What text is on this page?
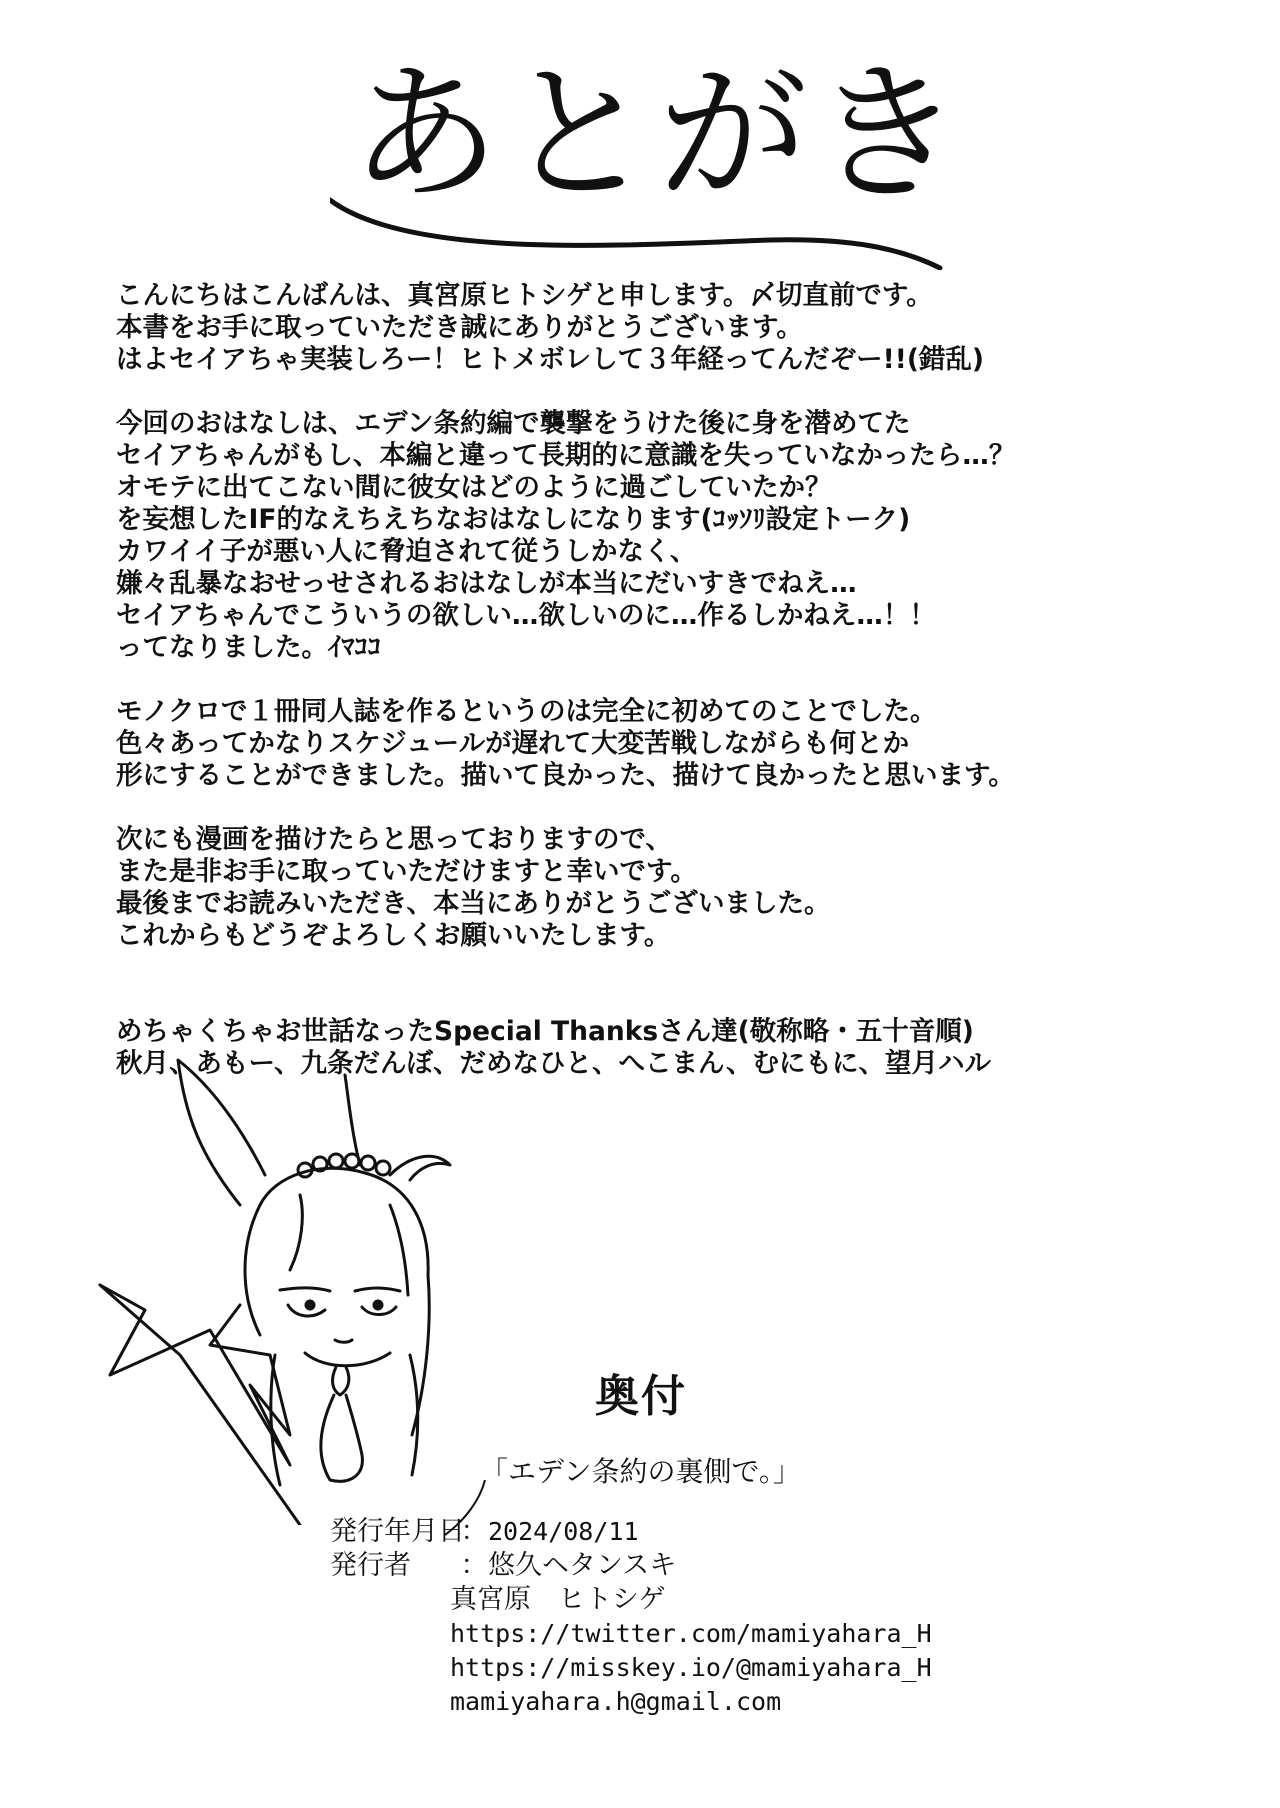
あとがき
こんにちはこんばんは、真宮原ヒトシゲと申します。〆切直前です。
本書をお手に取っていただき誠にありがとうございます。
はよセイアちゃ実装しろー！ヒトメボレして３年経ってんだぞー!!(錯乱)
今回のおはなしは、エデン条約編で襲撃をうけた後に身を潜めてた
セイアちゃんがもし、本編と違って長期的に意識を失っていなかったら…？
オモテに出てこない間に彼女はどのように過ごしていたか？
を妄想したIF的なえちえちなおはなしになります(ｺｯｿﾘ設定トーク)
カワイイ子が悪い人に脅迫されて従うしかなく、
嫌々乱暴なおせっせされるおはなしが本当にだいすきでねえ…
セイアちゃんでこういうの欲しい…欲しいのに…作るしかねえ…！！
ってなりました。ｲﾏｺｺ
モノクロで１冊同人誌を作るというのは完全に初めてのことでした。
色々あってかなりスケジュールが遅れて大変苦戦しながらも何とか
形にすることができました。描いて良かった、描けて良かったと思います。
次にも漫画を描けたらと思っておりますので、
また是非お手に取っていただけますと幸いです。
最後までお読みいただき、本当にありがとうございました。
これからもどうぞよろしくお願いいたします。
めちゃくちゃお世話なったSpecial Thanksさん達(敬称略・五十音順)
秋月、あもー、九条だんぼ、だめなひと、へこまん、むにもに、望月ハル
奥付
「エデン条約の裏側で。」
発行年月日
： 2024/08/11
発行者	： 悠久ヘタンスキ
真宮原　ヒトシゲ
https://twitter.com/mamiyahara_H
https://misskey.io/@mamiyahara_H
mamiyahara.h@gmail.com
